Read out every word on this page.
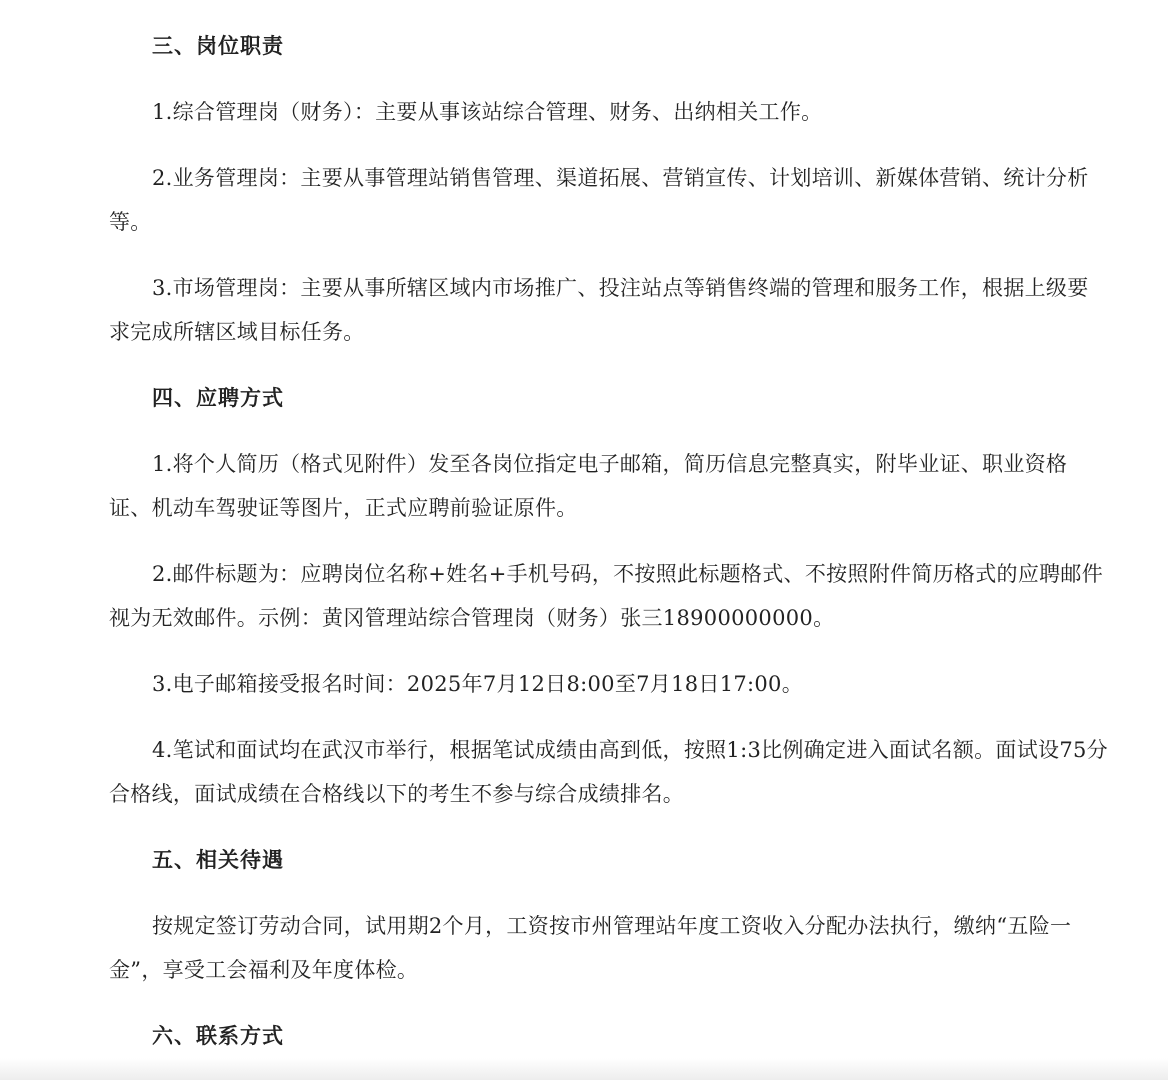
三、岗位职责
1.综合管理岗（财务）：主要从事该站综合管理、财务、出纳相关工作。
2.业务管理岗：主要从事管理站销售管理、渠道拓展、营销宣传、计划培训、新媒体营销、统计分析
等。
3.市场管理岗：主要从事所辖区域内市场推广、投注站点等销售终端的管理和服务工作，根据上级要
求完成所辖区域目标任务。
四、应聘方式
1.将个人简历（格式见附件）发至各岗位指定电子邮箱，简历信息完整真实，附毕业证、职业资格
证、机动车驾驶证等图片，正式应聘前验证原件。
2.邮件标题为：应聘岗位名称+姓名+手机号码，不按照此标题格式、不按照附件简历格式的应聘邮件
视为无效邮件。示例：黄冈管理站综合管理岗（财务）张三18900000000。
3.电子邮箱接受报名时间：2025年7月12日8:00至7月18日17:00。
4.笔试和面试均在武汉市举行，根据笔试成绩由高到低，按照1:3比例确定进入面试名额。面试设75分
合格线，面试成绩在合格线以下的考生不参与综合成绩排名。
五、相关待遇
按规定签订劳动合同，试用期2个月，工资按市州管理站年度工资收入分配办法执行，缴纳“五险一
金”，享受工会福利及年度体检。
六、联系方式
